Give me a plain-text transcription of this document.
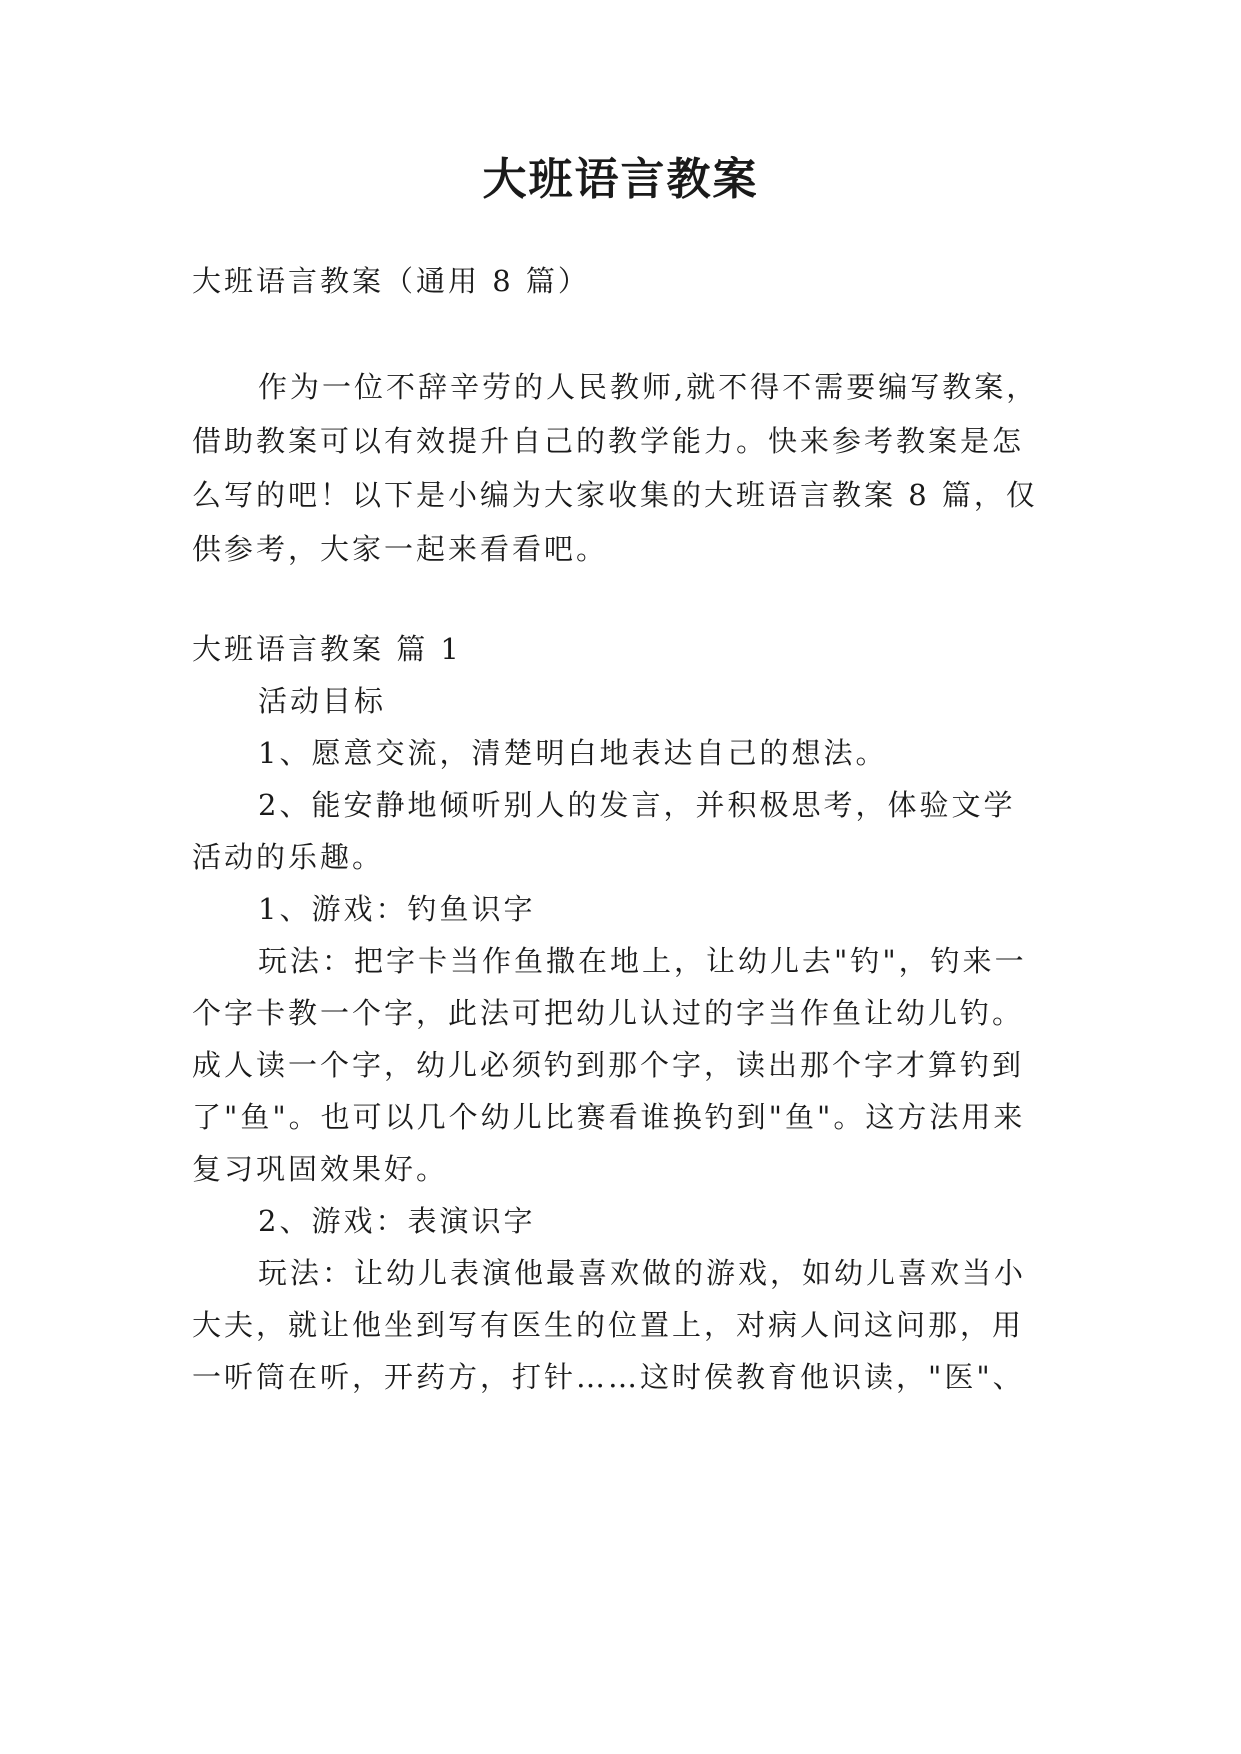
大班语言教案
大班语言教案（通用 8 篇）
作为一位不辞辛劳的人民教师,就不得不需要编写教案，
借助教案可以有效提升自己的教学能力。快来参考教案是怎
么写的吧！以下是小编为大家收集的大班语言教案 8 篇，仅
供参考，大家一起来看看吧。
大班语言教案 篇 1
活动目标
1、愿意交流，清楚明白地表达自己的想法。
2、能安静地倾听别人的发言，并积极思考，体验文学
活动的乐趣。
1、游戏：钓鱼识字
玩法：把字卡当作鱼撒在地上，让幼儿去"钓"，钓来一
个字卡教一个字，此法可把幼儿认过的字当作鱼让幼儿钓。
成人读一个字，幼儿必须钓到那个字，读出那个字才算钓到
了"鱼"。也可以几个幼儿比赛看谁换钓到"鱼"。这方法用来
复习巩固效果好。
2、游戏：表演识字
玩法：让幼儿表演他最喜欢做的游戏，如幼儿喜欢当小
大夫，就让他坐到写有医生的位置上，对病人问这问那，用
一听筒在听，开药方，打针……这时侯教育他识读，"医"、
